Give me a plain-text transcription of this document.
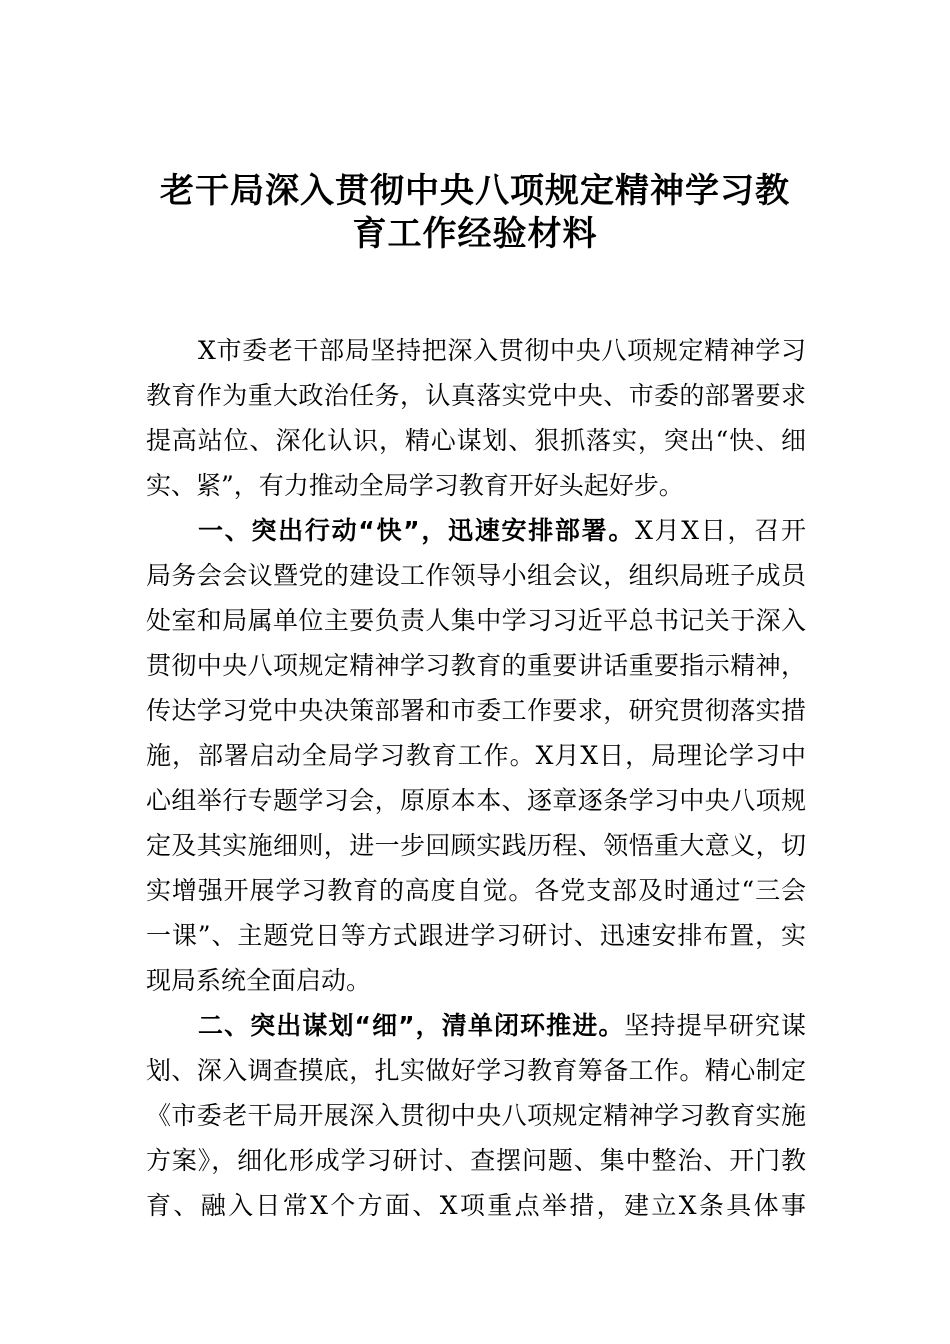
老干局深入贯彻中央八项规定精神学习教
育工作经验材料
X市委老干部局坚持把深入贯彻中央八项规定精神学习
教育作为重大政治任务，认真落实党中央、市委的部署要求
提高站位、深化认识，精心谋划、狠抓落实，突出“快、细
实、紧”，有力推动全局学习教育开好头起好步。
一、突出行动“快”，迅速安排部署。X月X日，召开
局务会会议暨党的建设工作领导小组会议，组织局班子成员
处室和局属单位主要负责人集中学习习近平总书记关于深入
贯彻中央八项规定精神学习教育的重要讲话重要指示精神，
传达学习党中央决策部署和市委工作要求，研究贯彻落实措
施，部署启动全局学习教育工作。X月X日，局理论学习中
心组举行专题学习会，原原本本、逐章逐条学习中央八项规
定及其实施细则，进一步回顾实践历程、领悟重大意义，切
实增强开展学习教育的高度自觉。各党支部及时通过“三会
一课”、主题党日等方式跟进学习研讨、迅速安排布置，实
现局系统全面启动。
二、突出谋划“细”，清单闭环推进。坚持提早研究谋
划、深入调查摸底，扎实做好学习教育筹备工作。精心制定
《市委老干局开展深入贯彻中央八项规定精神学习教育实施
方案》，细化形成学习研讨、查摆问题、集中整治、开门教
育、融入日常X个方面、X项重点举措，建立X条具体事
